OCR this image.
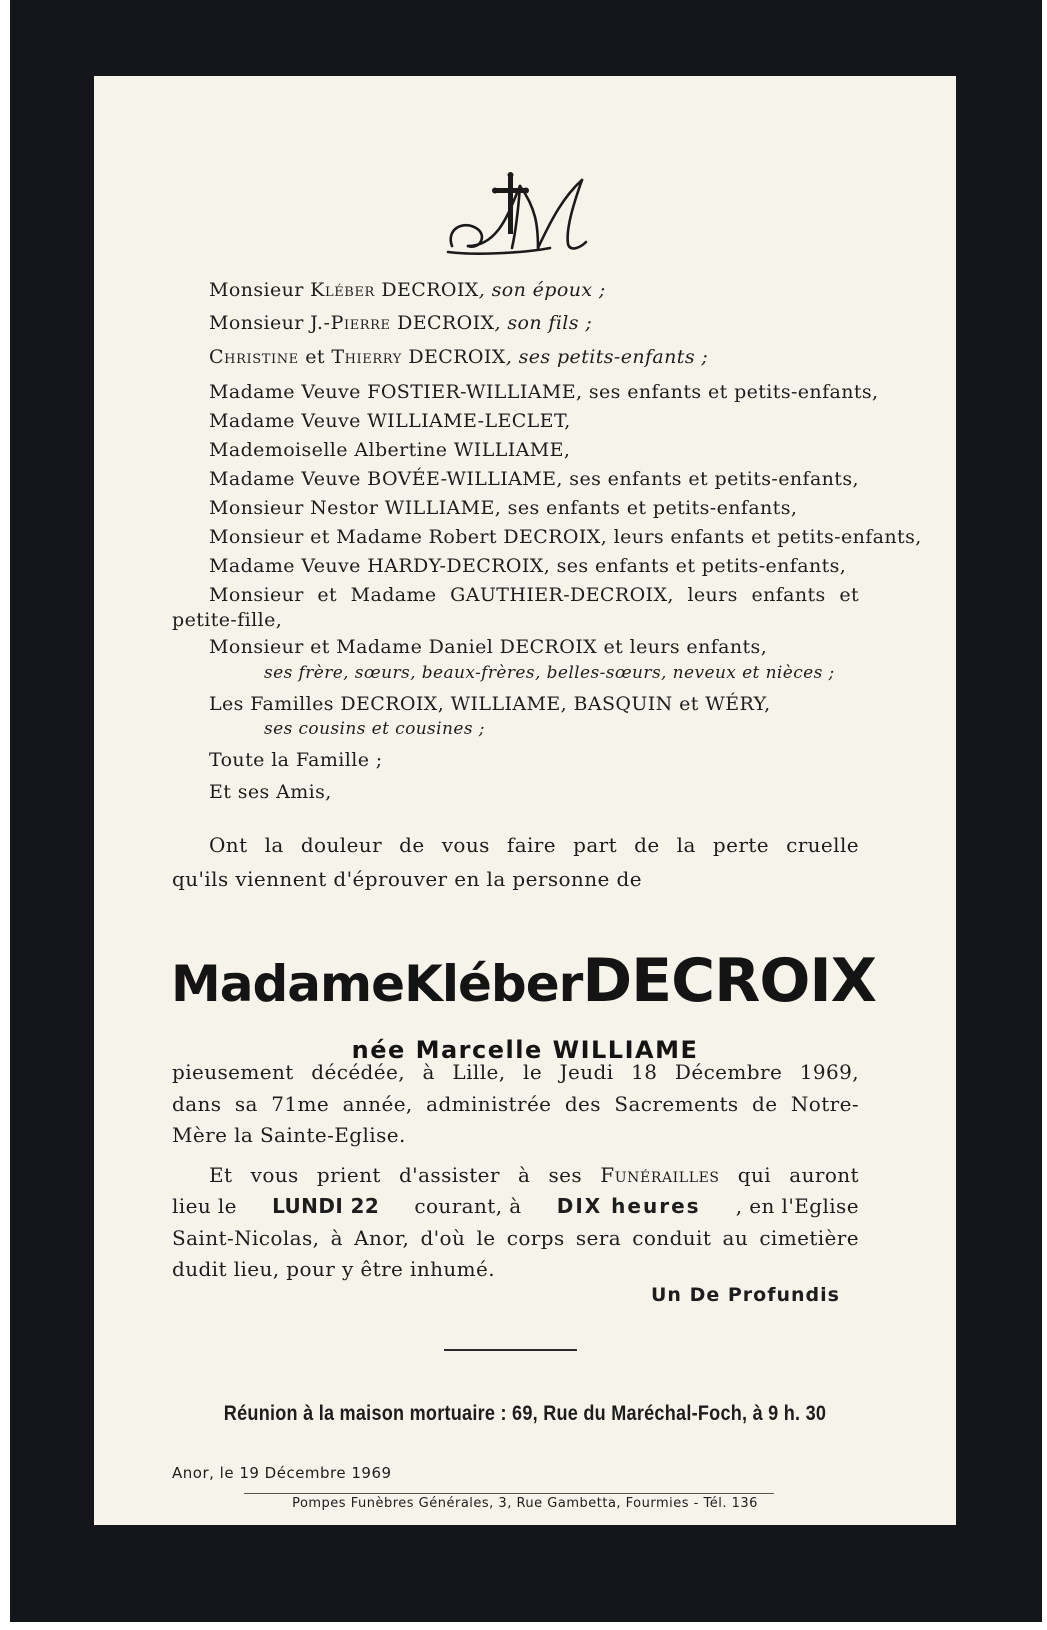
Monsieur Kléber DECROIX, son époux ;
Monsieur J.-Pierre DECROIX, son fils ;
Christine et Thierry DECROIX, ses petits-enfants ;
Madame Veuve FOSTIER-WILLIAME, ses enfants et petits-enfants,
Madame Veuve WILLIAME-LECLET,
Mademoiselle Albertine WILLIAME,
Madame Veuve BOVÉE-WILLIAME, ses enfants et petits-enfants,
Monsieur Nestor WILLIAME, ses enfants et petits-enfants,
Monsieur et Madame Robert DECROIX, leurs enfants et petits-enfants,
Madame Veuve HARDY-DECROIX, ses enfants et petits-enfants,
Monsieur et Madame GAUTHIER-DECROIX, leurs enfants et
petite-fille,
Monsieur et Madame Daniel DECROIX et leurs enfants,
ses frère, sœurs, beaux-frères, belles-sœurs, neveux et nièces ;
Les Familles DECROIX, WILLIAME, BASQUIN et WÉRY,
ses cousins et cousines ;
Toute la Famille ;
Et ses Amis,
Ont la douleur de vous faire part de la perte cruelle
qu'ils viennent d'éprouver en la personne de
Madame Kléber DECROIX
née Marcelle WILLIAME
pieusement décédée, à Lille, le Jeudi 18 Décembre 1969,
dans sa 71me année, administrée des Sacrements de Notre-
Mère la Sainte-Eglise.
Et vous prient d'assister à ses Funérailles qui auront
lieu le LUNDI 22 courant, à DIX heures , en l'Eglise
Saint-Nicolas, à Anor, d'où le corps sera conduit au cimetière
dudit lieu, pour y être inhumé.
Un De Profundis
Réunion à la maison mortuaire : 69, Rue du Maréchal-Foch, à 9 h. 30
Anor, le 19 Décembre 1969
Pompes Funèbres Générales, 3, Rue Gambetta, Fourmies - Tél. 136
